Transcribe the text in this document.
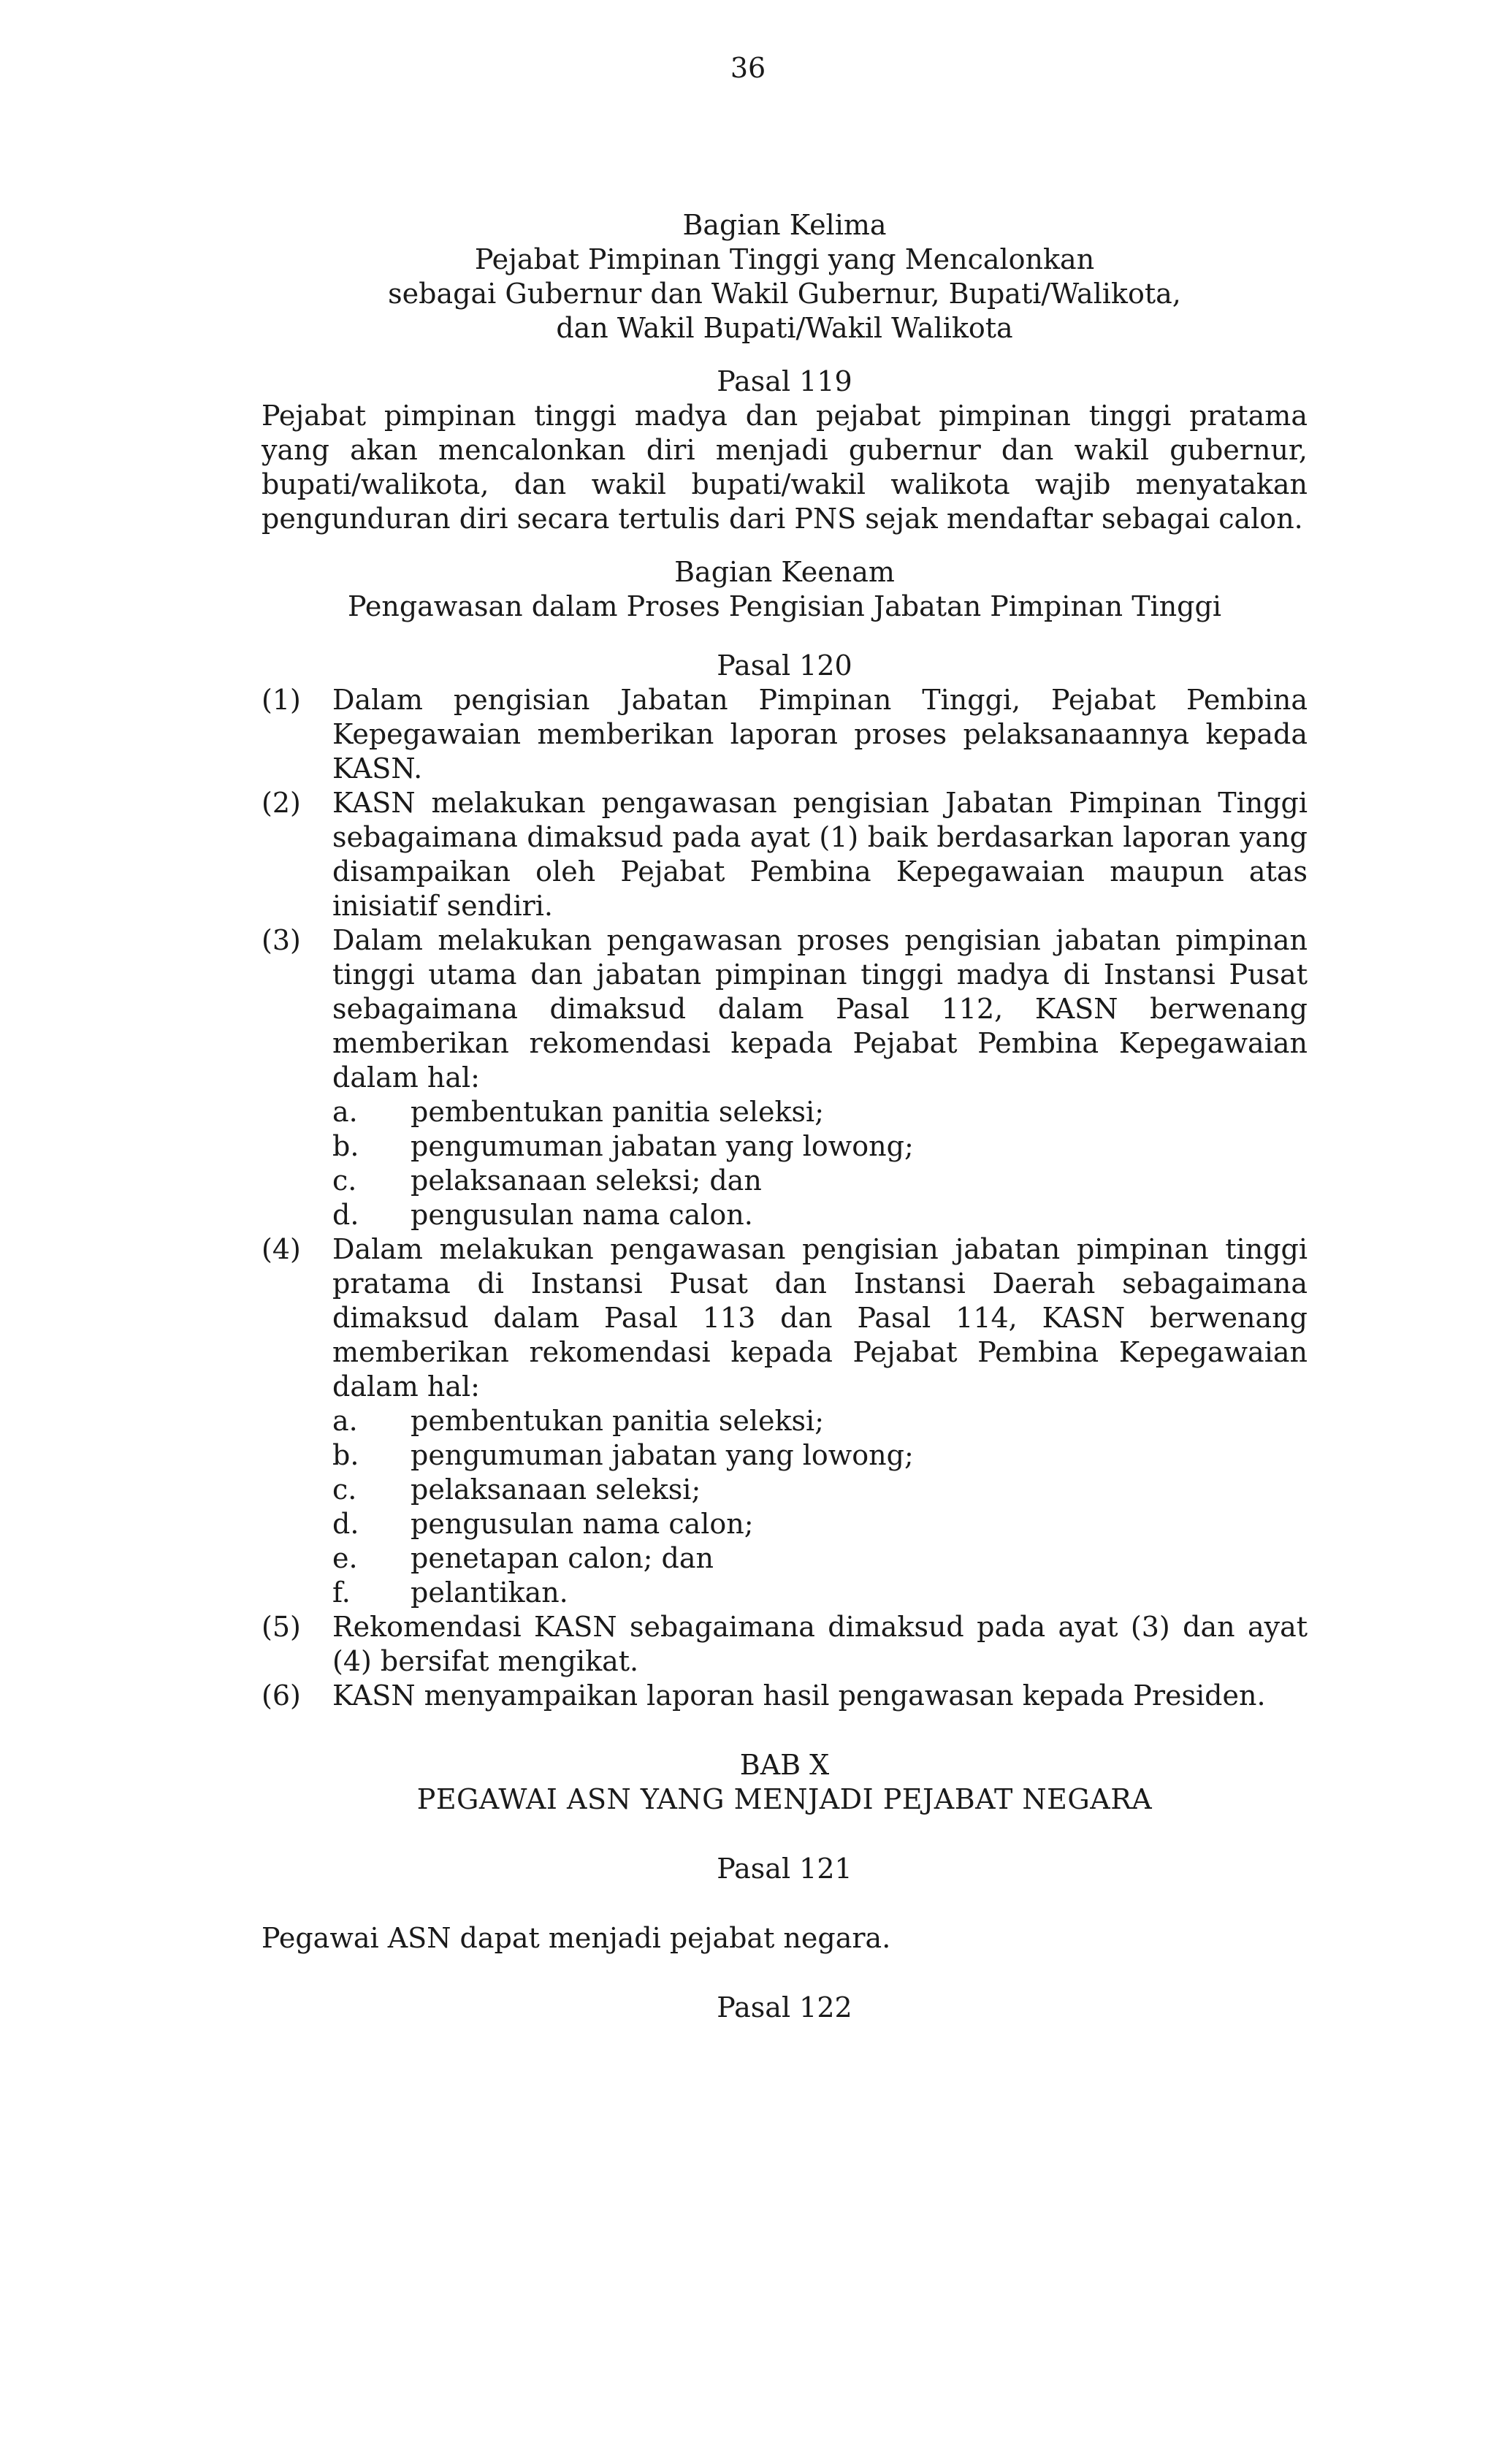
36
Bagian Kelima
Pejabat Pimpinan Tinggi yang Mencalonkan
sebagai Gubernur dan Wakil Gubernur, Bupati/Walikota,
dan Wakil Bupati/Wakil Walikota
Pasal 119
Pejabat pimpinan tinggi madya dan pejabat pimpinan tinggi pratama yang akan mencalonkan diri menjadi gubernur dan wakil gubernur, bupati/walikota, dan wakil bupati/wakil walikota wajib menyatakan pengunduran diri secara tertulis dari PNS sejak mendaftar sebagai calon.
Bagian Keenam
Pengawasan dalam Proses Pengisian Jabatan Pimpinan Tinggi
Pasal 120
(1)	Dalam pengisian Jabatan Pimpinan Tinggi, Pejabat Pembina Kepegawaian memberikan laporan proses pelaksanaannya kepada KASN.
(2)	KASN melakukan pengawasan pengisian Jabatan Pimpinan Tinggi sebagaimana dimaksud pada ayat (1) baik berdasarkan laporan yang disampaikan oleh Pejabat Pembina Kepegawaian maupun atas inisiatif sendiri.
(3)	Dalam melakukan pengawasan proses pengisian jabatan pimpinan tinggi utama dan jabatan pimpinan tinggi madya di Instansi Pusat sebagaimana dimaksud dalam Pasal 112, KASN berwenang memberikan rekomendasi kepada Pejabat Pembina Kepegawaian dalam hal:
a. pembentukan panitia seleksi;
b. pengumuman jabatan yang lowong;
c. pelaksanaan seleksi; dan
d. pengusulan nama calon.
(4)	Dalam melakukan pengawasan pengisian jabatan pimpinan tinggi pratama di Instansi Pusat dan Instansi Daerah sebagaimana dimaksud dalam Pasal 113 dan Pasal 114, KASN berwenang memberikan rekomendasi kepada Pejabat Pembina Kepegawaian dalam hal:
a. pembentukan panitia seleksi;
b. pengumuman jabatan yang lowong;
c. pelaksanaan seleksi;
d. pengusulan nama calon;
e. penetapan calon; dan
f. pelantikan.
(5)	Rekomendasi KASN sebagaimana dimaksud pada ayat (3) dan ayat (4) bersifat mengikat.
(6)	KASN menyampaikan laporan hasil pengawasan kepada Presiden.
BAB X
PEGAWAI ASN YANG MENJADI PEJABAT NEGARA
Pasal 121
Pegawai ASN dapat menjadi pejabat negara.
Pasal 122
